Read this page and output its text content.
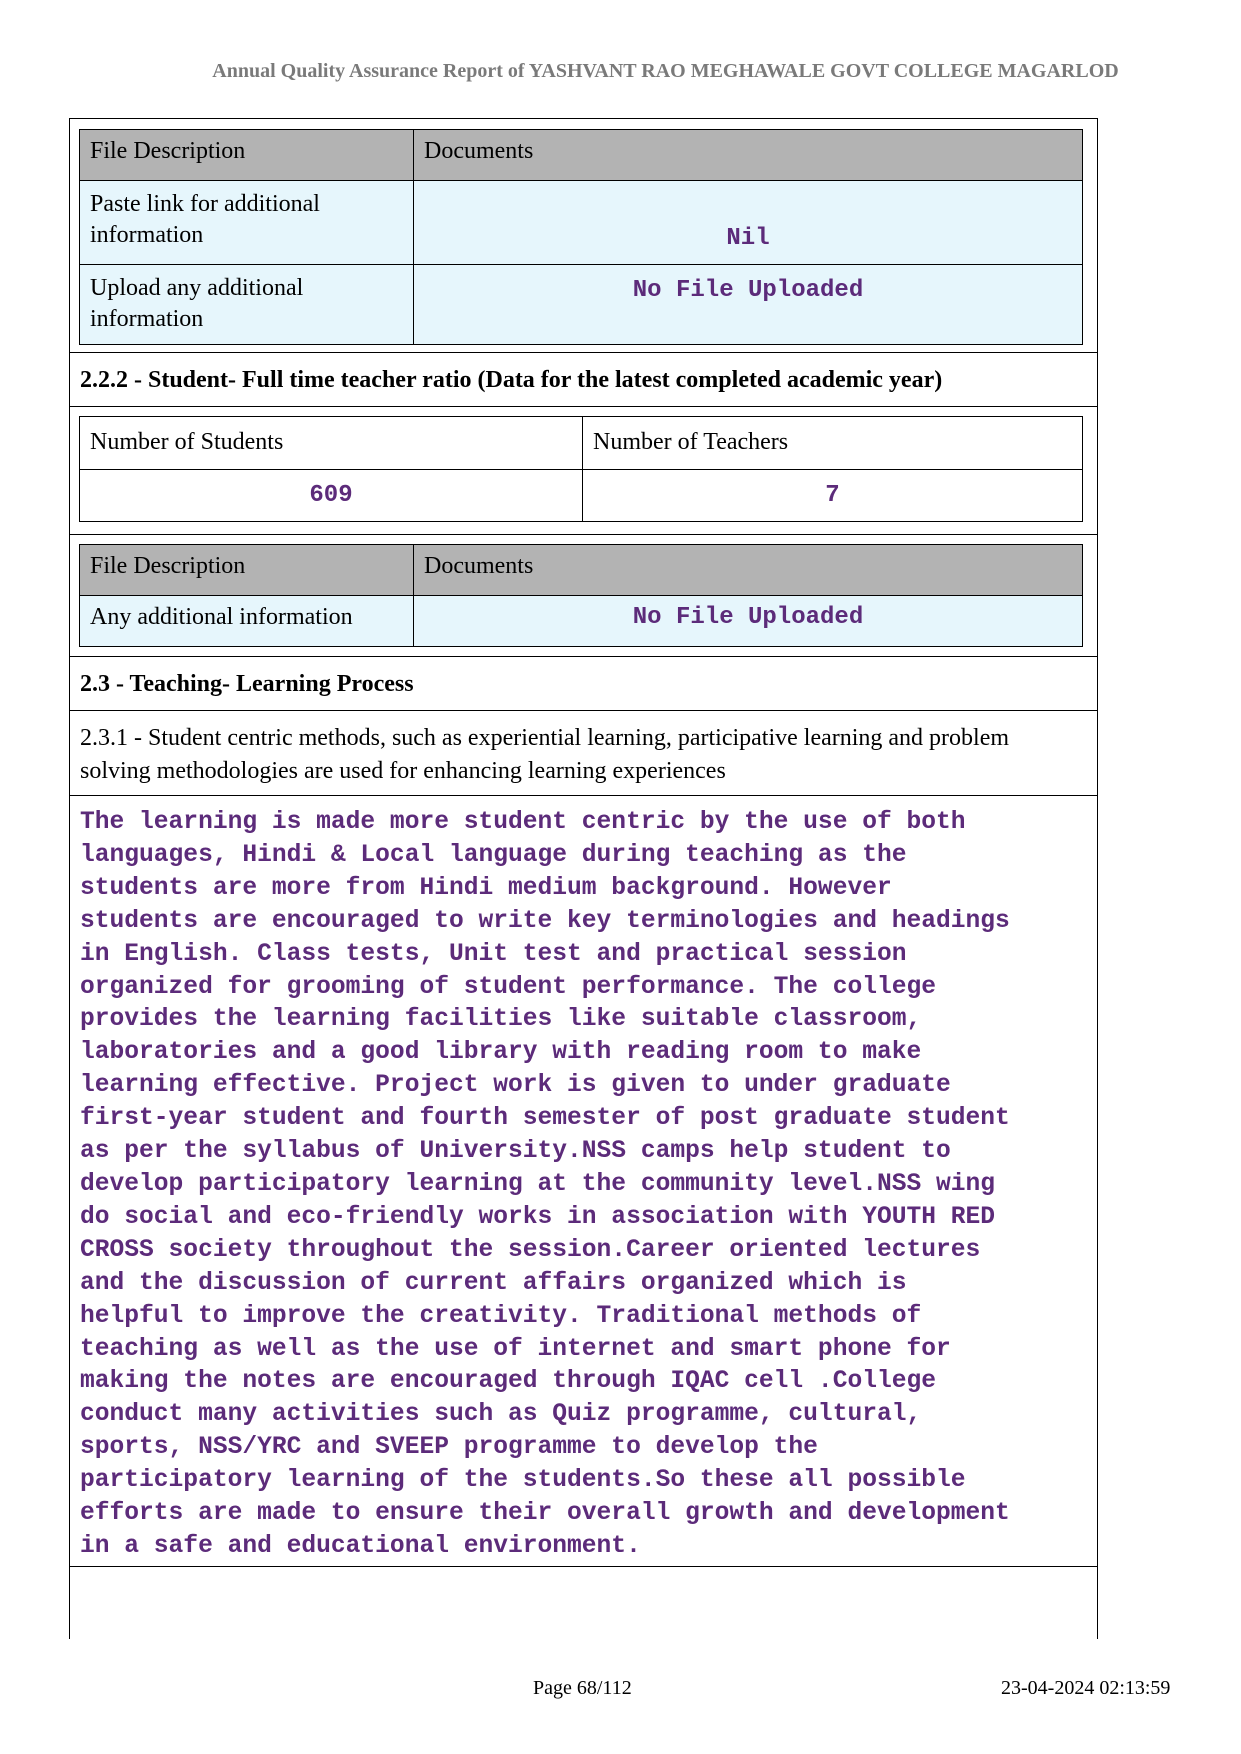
Annual Quality Assurance Report of YASHVANT RAO MEGHAWALE GOVT COLLEGE MAGARLOD
File Description	Documents
Paste link for additional information	Nil
Upload any additional information	No File Uploaded
2.2.2 - Student- Full time teacher ratio (Data for the latest completed academic year)
Number of Students	Number of Teachers
609	7
File Description	Documents
Any additional information	No File Uploaded
2.3 - Teaching- Learning Process
2.3.1 - Student centric methods, such as experiential learning, participative learning and problem solving methodologies are used for enhancing learning experiences
The learning is made more student centric by the use of both
languages, Hindi & Local language during teaching as the
students are more from Hindi medium background. However
students are encouraged to write key terminologies and headings
in English. Class tests, Unit test and practical session
organized for grooming of student performance. The college
provides the learning facilities like suitable classroom,
laboratories and a good library with reading room to make
learning effective. Project work is given to under graduate
first-year student and fourth semester of post graduate student
as per the syllabus of University.NSS camps help student to
develop participatory learning at the community level.NSS wing
do social and eco-friendly works in association with YOUTH RED
CROSS society throughout the session.Career oriented lectures
and the discussion of current affairs organized which is
helpful to improve the creativity. Traditional methods of
teaching as well as the use of internet and smart phone for
making the notes are encouraged through IQAC cell .College
conduct many activities such as Quiz programme, cultural,
sports, NSS/YRC and SVEEP programme to develop the
participatory learning of the students.So these all possible
efforts are made to ensure their overall growth and development
in a safe and educational environment.
Page 68/112	23-04-2024 02:13:59
